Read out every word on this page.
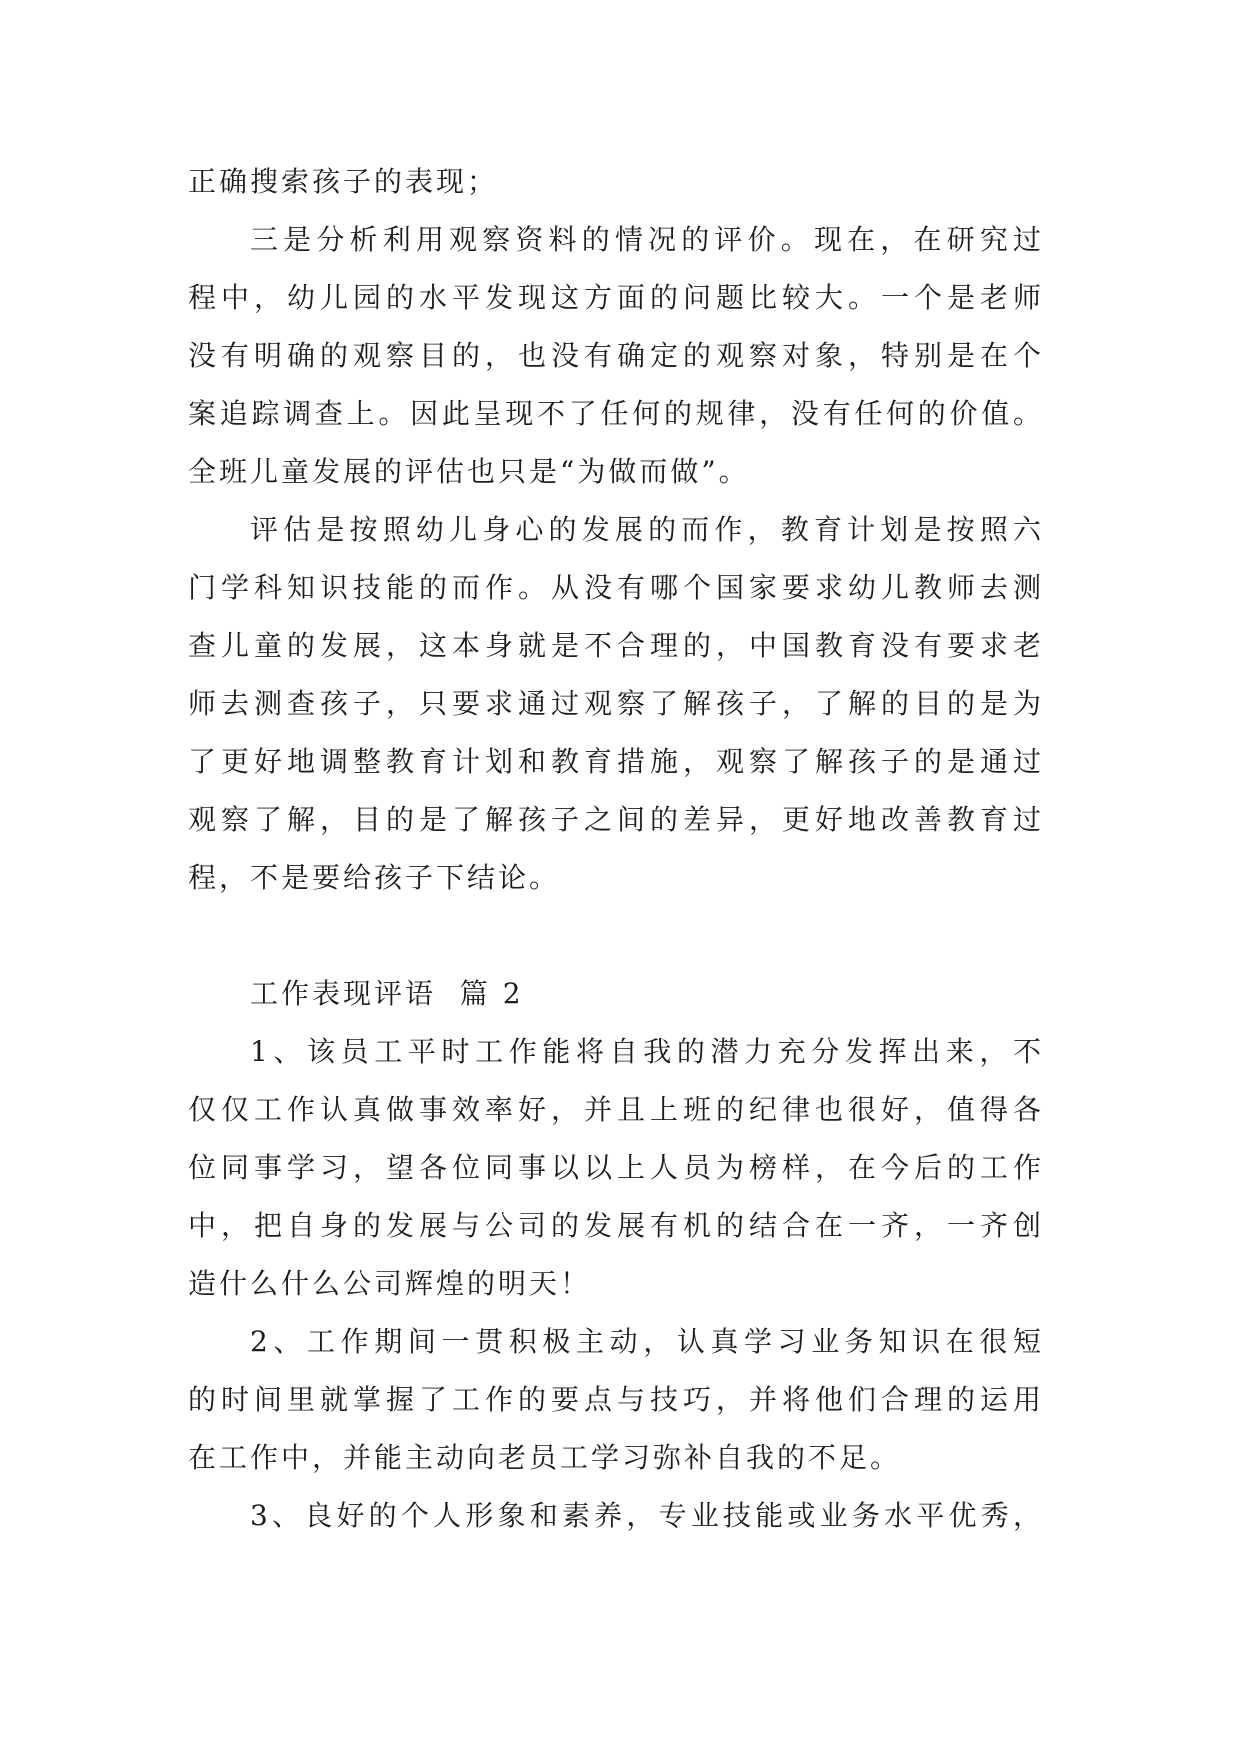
正确搜索孩子的表现；
三是分析利用观察资料的情况的评价。现在，在研究过
程中，幼儿园的水平发现这方面的问题比较大。一个是老师
没有明确的观察目的，也没有确定的观察对象，特别是在个
案追踪调查上。因此呈现不了任何的规律，没有任何的价值。
全班儿童发展的评估也只是“为做而做”。
评估是按照幼儿身心的发展的而作，教育计划是按照六
门学科知识技能的而作。从没有哪个国家要求幼儿教师去测
查儿童的发展，这本身就是不合理的，中国教育没有要求老
师去测查孩子，只要求通过观察了解孩子，了解的目的是为
了更好地调整教育计划和教育措施，观察了解孩子的是通过
观察了解，目的是了解孩子之间的差异，更好地改善教育过
程，不是要给孩子下结论。
工作表现评语  篇 2
1、该员工平时工作能将自我的潜力充分发挥出来，不
仅仅工作认真做事效率好，并且上班的纪律也很好，值得各
位同事学习，望各位同事以以上人员为榜样，在今后的工作
中，把自身的发展与公司的发展有机的结合在一齐，一齐创
造什么什么公司辉煌的明天！
2、工作期间一贯积极主动，认真学习业务知识在很短
的时间里就掌握了工作的要点与技巧，并将他们合理的运用
在工作中，并能主动向老员工学习弥补自我的不足。
3、良好的个人形象和素养，专业技能或业务水平优秀，
